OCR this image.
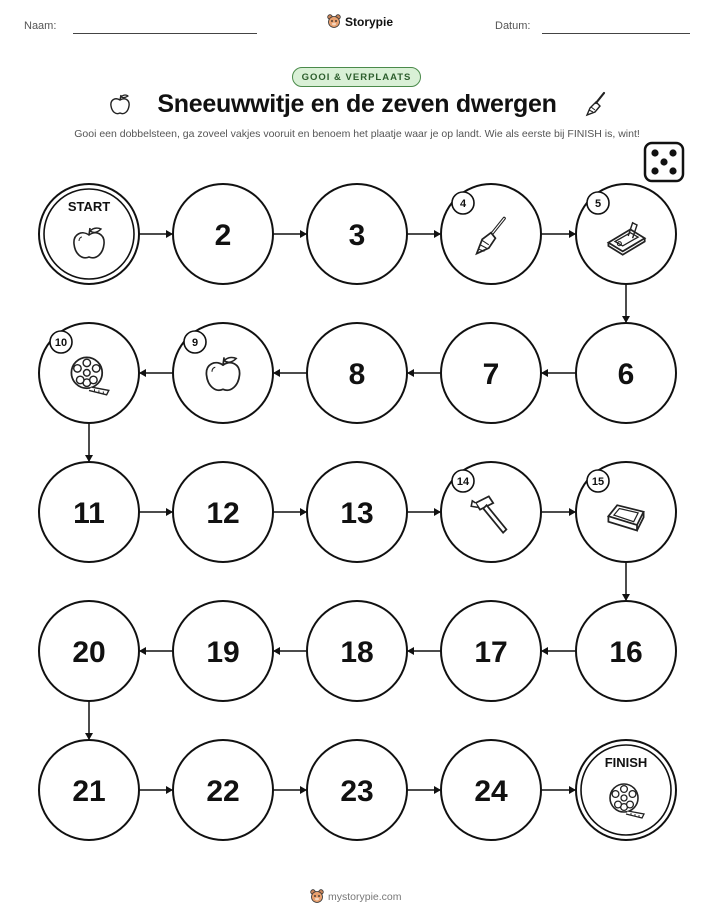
Naam:	Storypie	Datum:
GOOI & VERPLAATS
Sneeuwwitje en de zeven dwergen
Gooi een dobbelsteen, ga zoveel vakjes vooruit en benoem het plaatje waar je op landt. Wie als eerste bij FINISH is, wint!
START
2	3
4	5
6
7
8
9
10
11	12	13
14	15
16
17
18
19
20
21	22	23	24
FINISH
mystorypie.com
